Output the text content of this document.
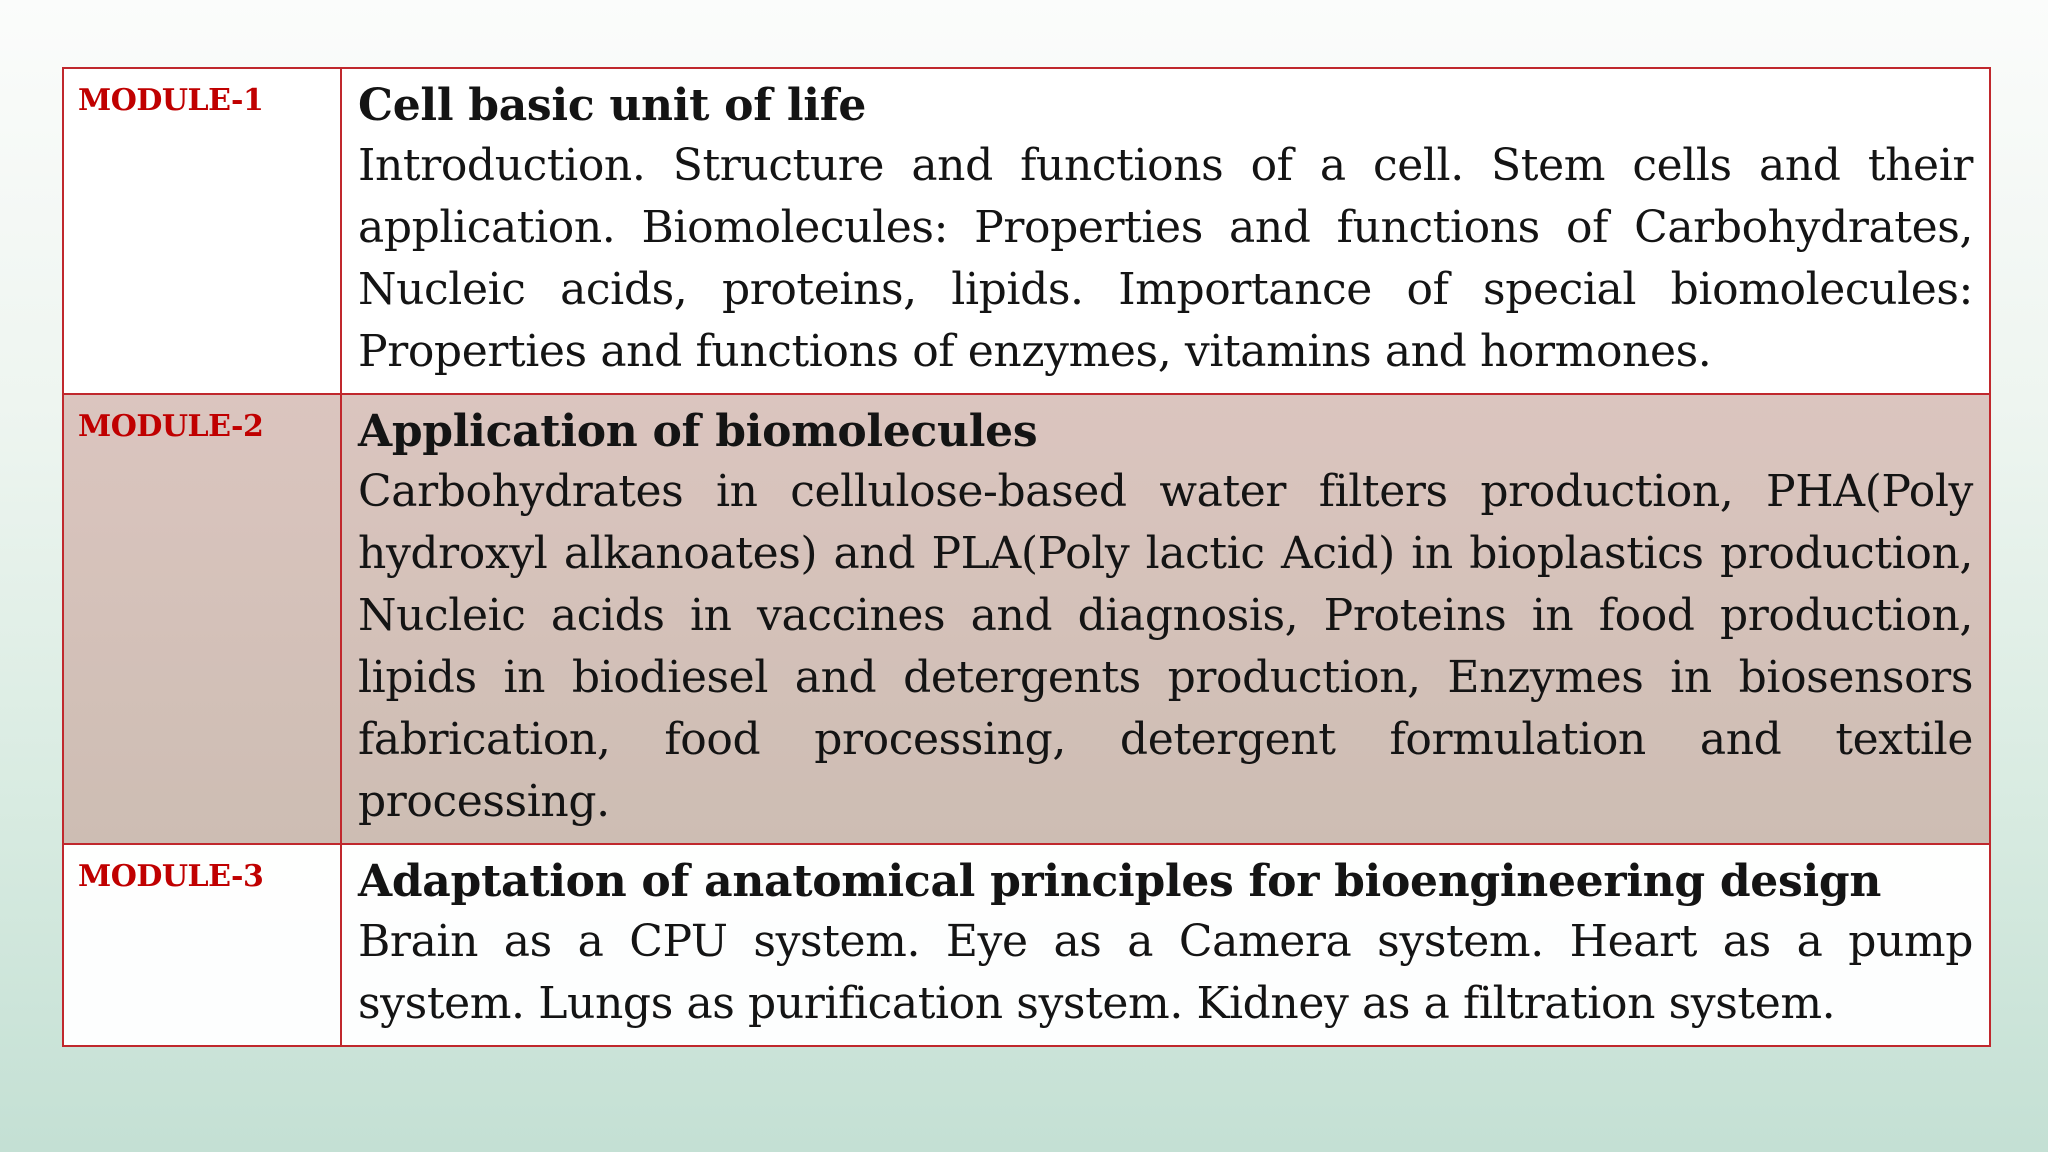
MODULE-1	Cell basic unit of life
Introduction. Structure and functions of a cell. Stem cells and their application. Biomolecules: Properties and functions of Carbohydrates, Nucleic acids, proteins, lipids. Importance of special biomolecules: Properties and functions of enzymes, vitamins and hormones.

MODULE-2	Application of biomolecules
Carbohydrates in cellulose-based water filters production, PHA(Poly hydroxyl alkanoates) and PLA(Poly lactic Acid) in bioplastics production, Nucleic acids in vaccines and diagnosis, Proteins in food production, lipids in biodiesel and detergents production, Enzymes in biosensors fabrication, food processing, detergent formulation and textile processing.

MODULE-3	Adaptation of anatomical principles for bioengineering design
Brain as a CPU system. Eye as a Camera system. Heart as a pump system. Lungs as purification system. Kidney as a filtration system.
